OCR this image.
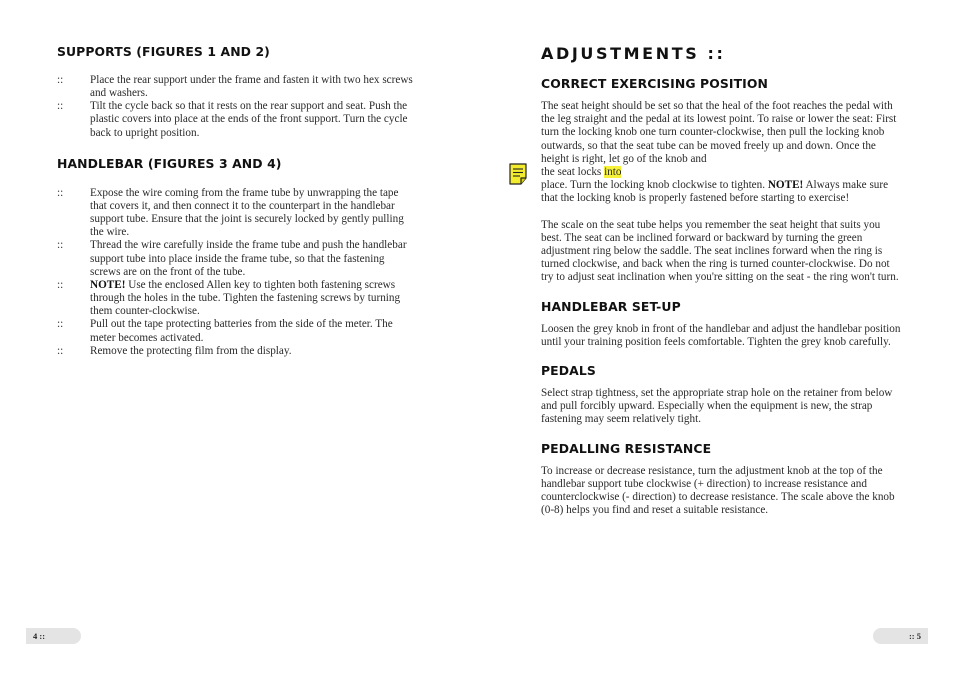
SUPPORTS (FIGURES 1 AND 2)
:: Place the rear support under the frame and fasten it with two hex screws and washers.
:: Tilt the cycle back so that it rests on the rear support and seat. Push the plastic covers into place at the ends of the front support. Turn the cycle back to upright position.
HANDLEBAR (FIGURES 3 AND 4)
:: Expose the wire coming from the frame tube by unwrapping the tape that covers it, and then connect it to the counterpart in the handlebar support tube. Ensure that the joint is securely locked by gently pulling the wire.
:: Thread the wire carefully inside the frame tube and push the handlebar support tube into place inside the frame tube, so that the fastening screws are on the front of the tube.
:: NOTE! Use the enclosed Allen key to tighten both fastening screws through the holes in the tube. Tighten the fastening screws by turning them counter-clockwise.
:: Pull out the tape protecting batteries from the side of the meter. The meter becomes activated.
:: Remove the protecting film from the display.
ADJUSTMENTS ::
CORRECT EXERCISING POSITION

The seat height should be set so that the heal of the foot reaches the pedal with the leg straight and the pedal at its lowest point. To raise or lower the seat: First turn the locking knob one turn counter-clockwise, then pull the locking knob outwards, so that the seat tube can be moved freely up and down. Once the height is right, let go of the knob and
the seat locks into
place. Turn the locking knob clockwise to tighten. NOTE! Always make sure that the locking knob is properly fastened before starting to exercise!

The scale on the seat tube helps you remember the seat height that suits you best. The seat can be inclined forward or backward by turning the green adjustment ring below the saddle. The seat inclines forward when the ring is turned clockwise, and back when the ring is turned counter-clockwise. Do not try to adjust seat inclination when you're sitting on the seat - the ring won't turn.

HANDLEBAR SET-UP

Loosen the grey knob in front of the handlebar and adjust the handlebar position until your training position feels comfortable. Tighten the grey knob carefully.

PEDALS

Select strap tightness, set the appropriate strap hole on the retainer from below and pull forcibly upward. Especially when the equipment is new, the strap fastening may seem relatively tight.

PEDALLING RESISTANCE

To increase or decrease resistance, turn the adjustment knob at the top of the handlebar support tube clockwise (+ direction) to increase resistance and counterclockwise (- direction) to decrease resistance. The scale above the knob (0-8) helps you find and reset a suitable resistance.

4 ::	:: 5
